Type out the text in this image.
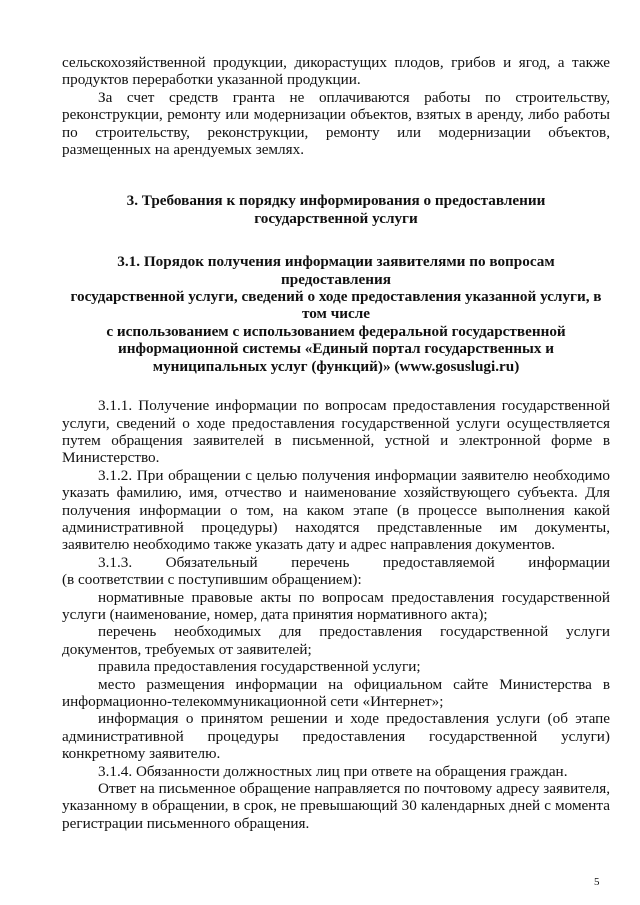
сельскохозяйственной продукции, дикорастущих плодов, грибов и ягод, а также продуктов переработки указанной продукции.

За счет средств гранта не оплачиваются работы по строительству, реконструкции, ремонту или модернизации объектов, взятых в аренду, либо работы по строительству, реконструкции, ремонту или модернизации объектов, размещенных на арендуемых землях.

3. Требования к порядку информирования о предоставлении
государственной услуги
3.1. Порядок получения информации заявителями по вопросам предоставления
государственной услуги, сведений о ходе предоставления указанной услуги, в
том числе
с использованием с использованием федеральной государственной
информационной системы «Единый портал государственных и
муниципальных услуг (функций)» (www.gosuslugi.ru)

3.1.1. Получение информации по вопросам предоставления государственной услуги, сведений о ходе предоставления государственной услуги осуществляется путем обращения заявителей в письменной, устной и электронной форме в Министерство.

3.1.2. При обращении с целью получения информации заявителю необходимо указать фамилию, имя, отчество и наименование хозяйствующего субъекта. Для получения информации о том, на каком этапе (в процессе выполнения какой административной процедуры) находятся представленные им документы, заявителю необходимо также указать дату и адрес направления документов.

3.1.3. Обязательный перечень предоставляемой информации

(в соответствии с поступившим обращением):

нормативные правовые акты по вопросам предоставления государственной услуги (наименование, номер, дата принятия нормативного акта);

перечень необходимых для предоставления государственной услуги документов, требуемых от заявителей;

правила предоставления государственной услуги;

место размещения информации на официальном сайте Министерства в информационно-телекоммуникационной сети «Интернет»;

информация о принятом решении и ходе предоставления услуги (об этапе административной процедуры предоставления государственной услуги) конкретному заявителю.

3.1.4. Обязанности должностных лиц при ответе на обращения граждан.

Ответ на письменное обращение направляется по почтовому адресу заявителя, указанному в обращении, в срок, не превышающий 30 календарных дней с момента регистрации письменного обращения.

5
